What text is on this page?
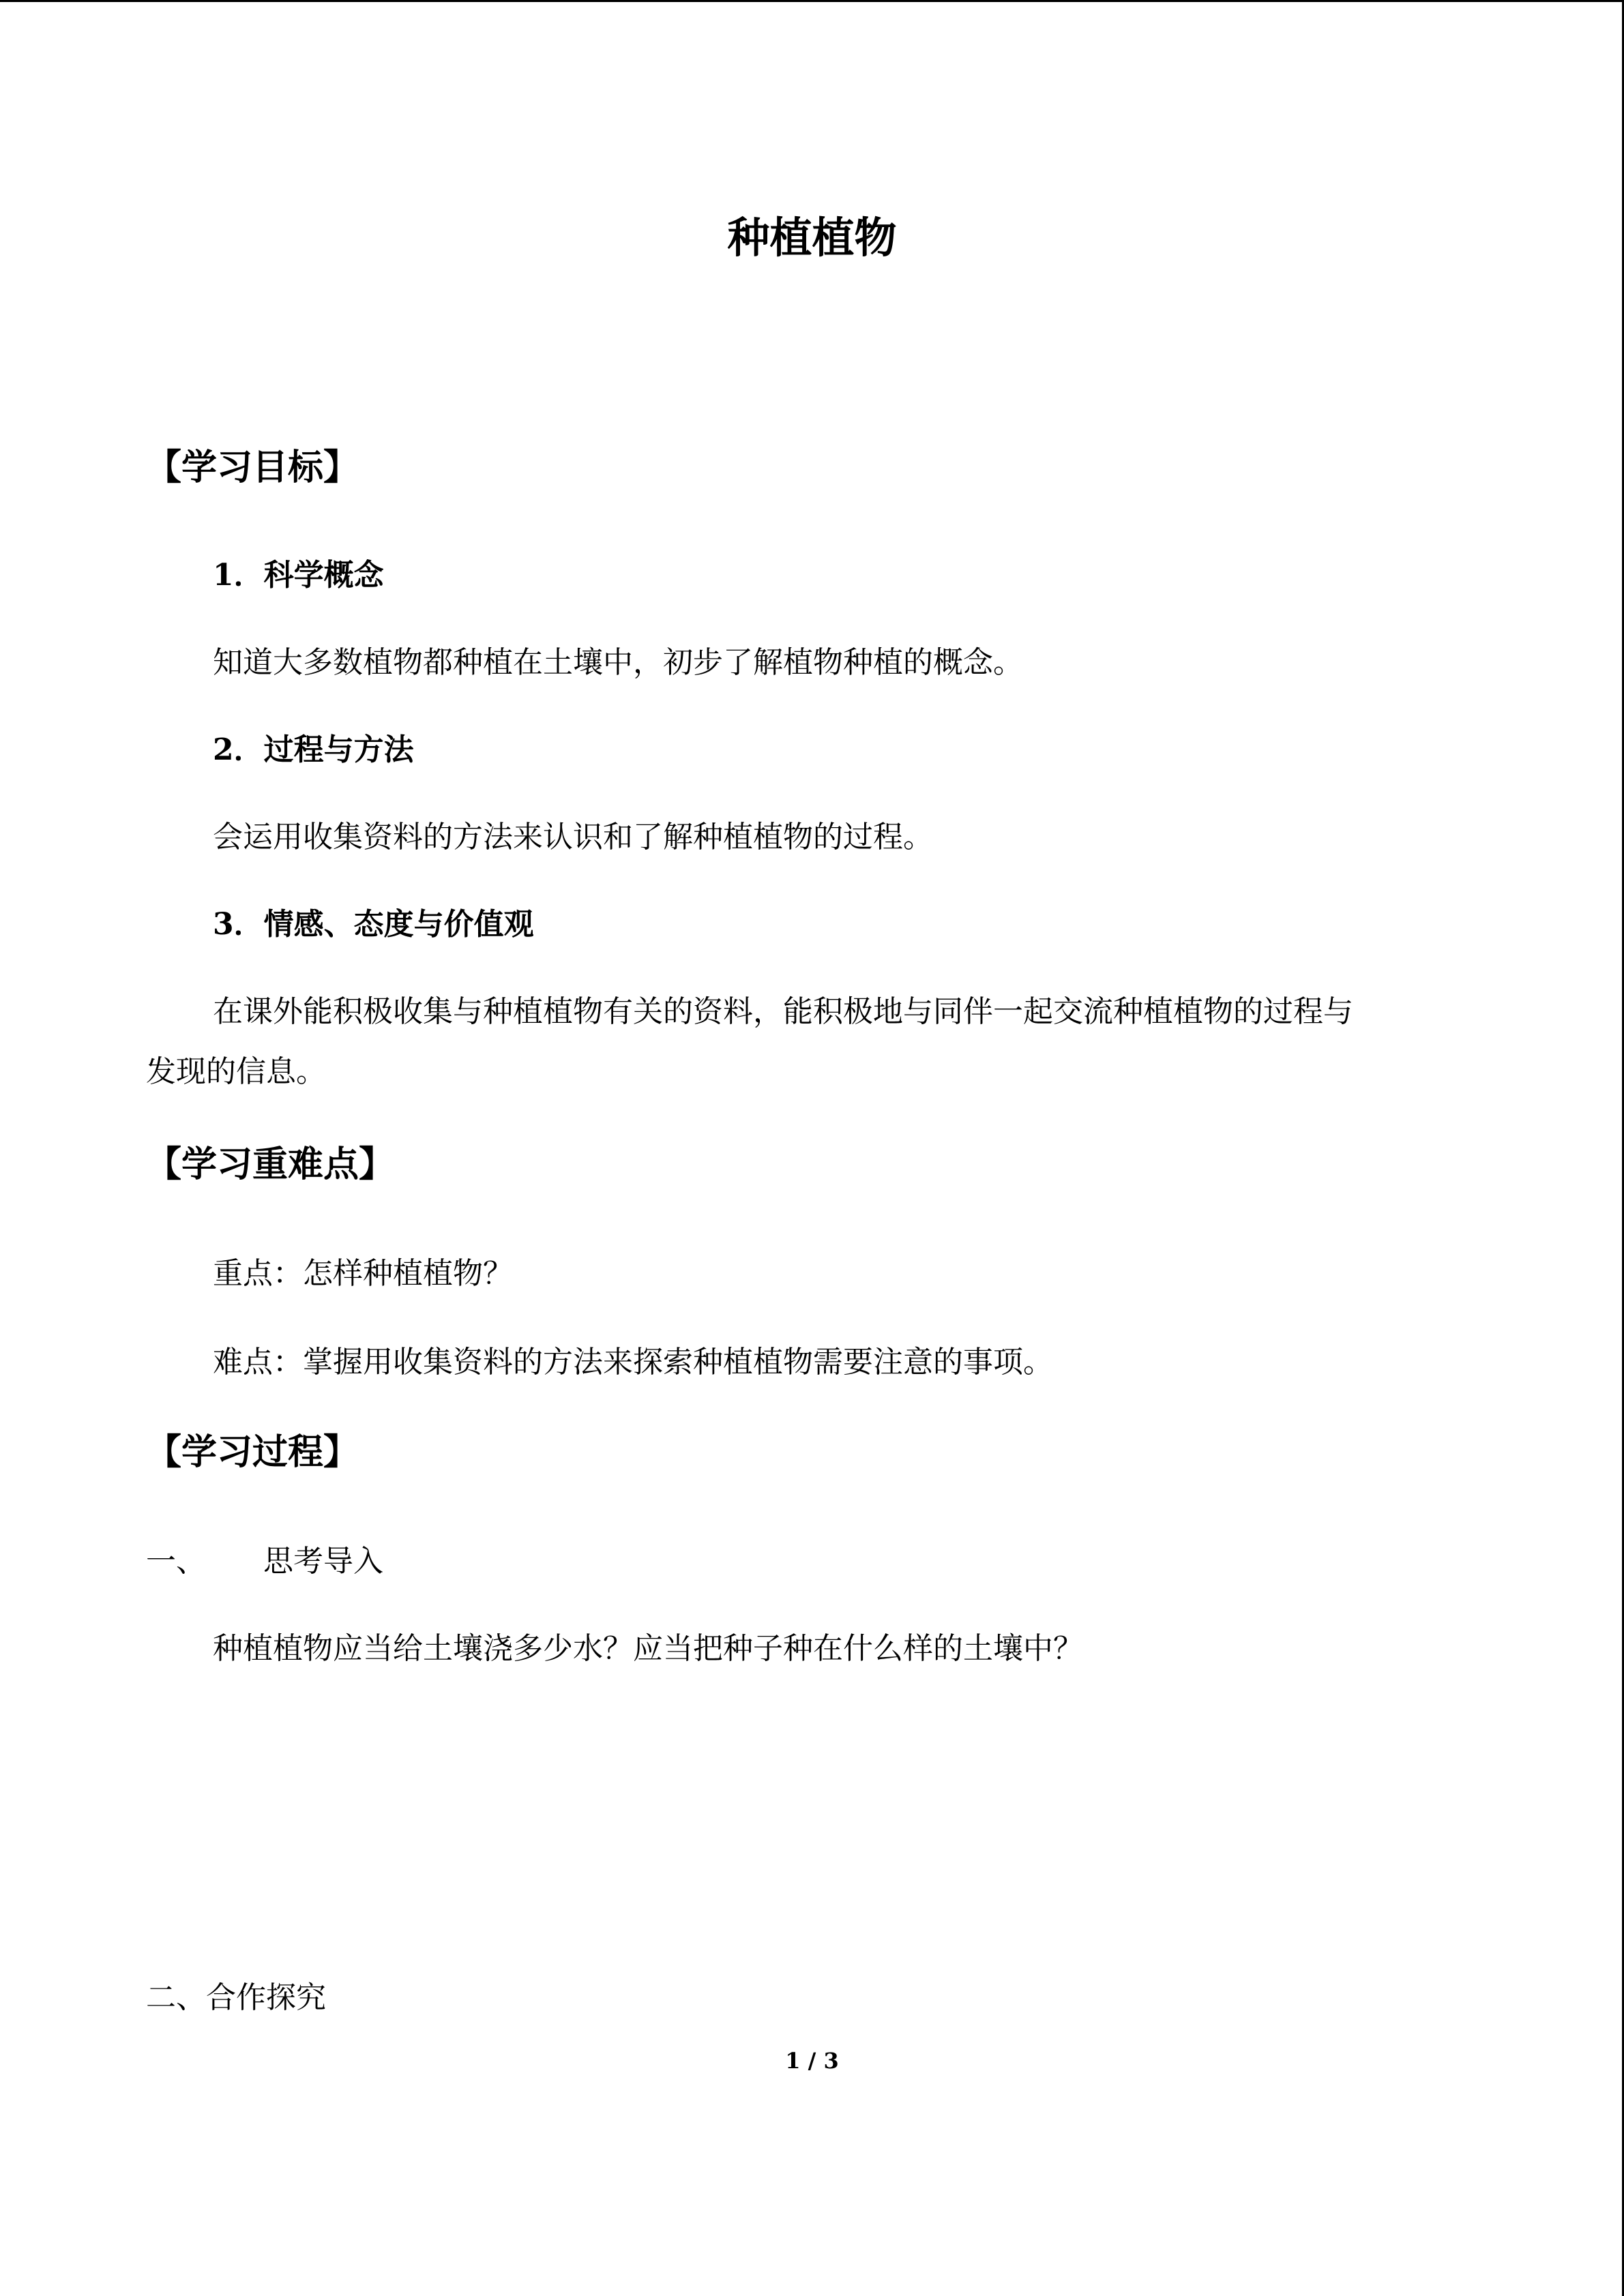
种植植物
【学习目标】
1．科学概念
知道大多数植物都种植在土壤中，初步了解植物种植的概念。
2．过程与方法
会运用收集资料的方法来认识和了解种植植物的过程。
3．情感、态度与价值观
在课外能积极收集与种植植物有关的资料，能积极地与同伴一起交流种植植物的过程与
发现的信息。
【学习重难点】
重点：怎样种植植物？
难点：掌握用收集资料的方法来探索种植植物需要注意的事项。
【学习过程】
一、 思考导入
种植植物应当给土壤浇多少水？应当把种子种在什么样的土壤中？
二、合作探究
1 / 3
